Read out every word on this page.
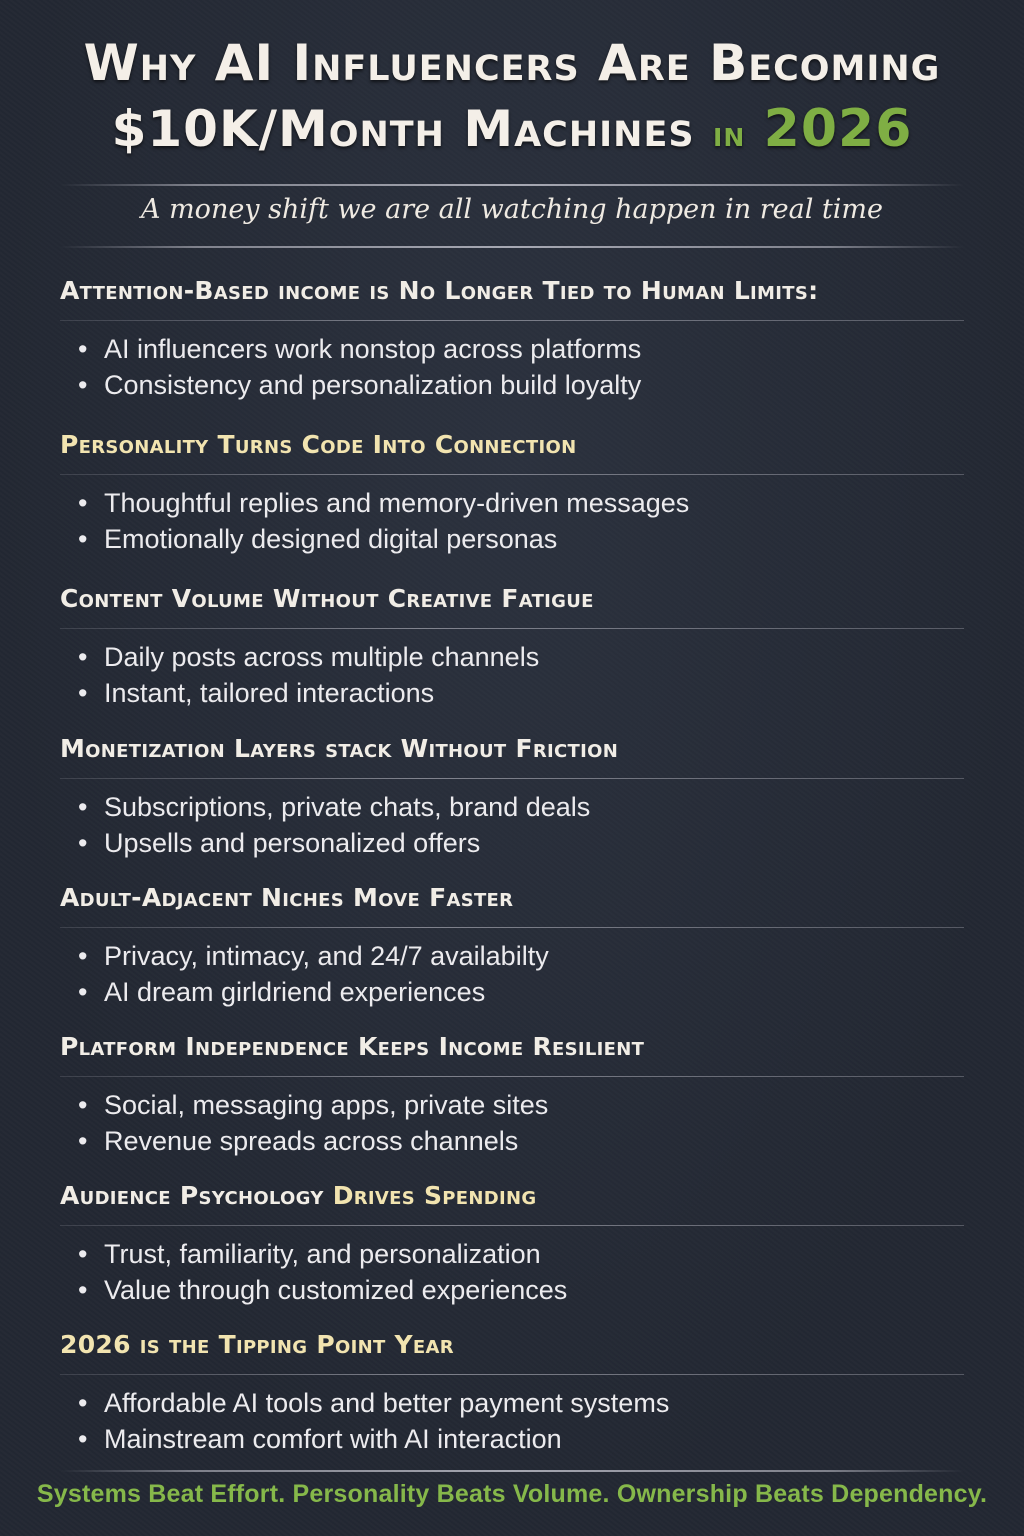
Why AI Influencers Are Becoming
$10K/Month Machines in 2026
A money shift we are all watching happen in real time
Attention-Based income is No Longer Tied to Human Limits:
• AI influencers work nonstop across platforms
• Consistency and personalization build loyalty
Personality Turns Code Into Connection
• Thoughtful replies and memory-driven messages
• Emotionally designed digital personas
Content Volume Without Creative Fatigue
• Daily posts across multiple channels
• Instant, tailored interactions
Monetization Layers stack Without Friction
• Subscriptions, private chats, brand deals
• Upsells and personalized offers
Adult-Adjacent Niches Move Faster
• Privacy, intimacy, and 24/7 availabilty
• AI dream girldriend experiences
Platform Independence Keeps Income Resilient
• Social, messaging apps, private sites
• Revenue spreads across channels
Audience Psychology Drives Spending
• Trust, familiarity, and personalization
• Value through customized experiences
2026 is the Tipping Point Year
• Affordable AI tools and better payment systems
• Mainstream comfort with AI interaction
Systems Beat Effort. Personality Beats Volume. Ownership Beats Dependency.
